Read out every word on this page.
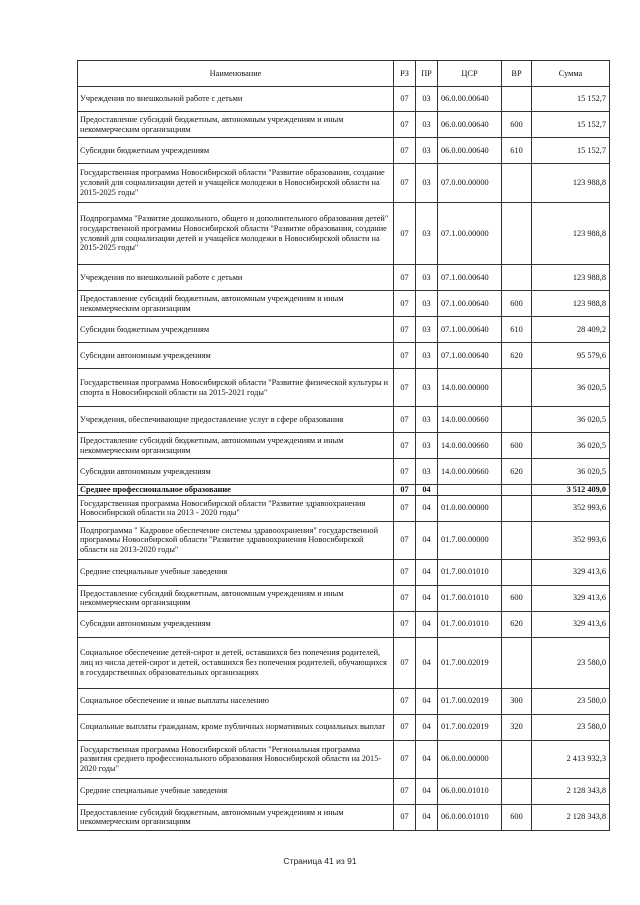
Наименование	РЗ	ПР	ЦСР	ВР	Сумма
Учреждения по внешкольной работе с детьми	07	03	06.0.00.00640		15 152,7
Предоставление субсидий бюджетным, автономным учреждениям и иным некоммерческим организациям	07	03	06.0.00.00640	600	15 152,7
Субсидии бюджетным учреждениям	07	03	06.0.00.00640	610	15 152,7
Государственная программа Новосибирской области "Развитие образования, создание условий для социализации детей и учащейся молодежи в Новосибирской области на 2015-2025 годы"	07	03	07.0.00.00000		123 988,8
Подпрограмма "Развитие дошкольного, общего и дополнительного образования детей" государственной программы Новосибирской области "Развитие образования, создание условий для социализации детей и учащейся молодежи в Новосибирской области на 2015-2025 годы"	07	03	07.1.00.00000		123 988,8
Учреждения по внешкольной работе с детьми	07	03	07.1.00.00640		123 988,8
Предоставление субсидий бюджетным, автономным учреждениям и иным некоммерческим организациям	07	03	07.1.00.00640	600	123 988,8
Субсидии бюджетным учреждениям	07	03	07.1.00.00640	610	28 409,2
Субсидии автономным учреждениям	07	03	07.1.00.00640	620	95 579,6
Государственная программа Новосибирской области "Развитие физической культуры и спорта в Новосибирской области на 2015-2021 годы"	07	03	14.0.00.00000		36 020,5
Учреждения, обеспечивающие предоставление услуг в сфере образования	07	03	14.0.00.00660		36 020,5
Предоставление субсидий бюджетным, автономным учреждениям и иным некоммерческим организациям	07	03	14.0.00.00660	600	36 020,5
Субсидии автономным учреждениям	07	03	14.0.00.00660	620	36 020,5
Среднее профессиональное образование	07	04			3 512 409,0
Государственная программа Новосибирской области "Развитие здравоохранения Новосибирской области на 2013 - 2020 годы"	07	04	01.0.00.00000		352 993,6
Подпрограмма " Кадровое обеспечение системы здравоохранения" государственной программы Новосибирской области "Развитие здравоохранения Новосибирской области на 2013-2020 годы"	07	04	01.7.00.00000		352 993,6
Средние специальные учебные заведения	07	04	01.7.00.01010		329 413,6
Предоставление субсидий бюджетным, автономным учреждениям и иным некоммерческим организациям	07	04	01.7.00.01010	600	329 413,6
Субсидии автономным учреждениям	07	04	01.7.00.01010	620	329 413,6
Социальное обеспечение детей-сирот и детей, оставшихся без попечения родителей, лиц из числа детей-сирот и детей, оставшихся без попечения родителей, обучающихся в государственных образовательных организациях	07	04	01.7.00.02019		23 580,0
Социальное обеспечение и иные выплаты населению	07	04	01.7.00.02019	300	23 580,0
Социальные выплаты гражданам, кроме публичных нормативных социальных выплат	07	04	01.7.00.02019	320	23 580,0
Государственная программа Новосибирской области "Региональная программа развития среднего профессионального образования Новосибирской области на 2015-2020 годы"	07	04	06.0.00.00000		2 413 932,3
Средние специальные учебные заведения	07	04	06.0.00.01010		2 128 343,8
Предоставление субсидий бюджетным, автономным учреждениям и иным некоммерческим организациям	07	04	06.0.00.01010	600	2 128 343,8
Страница 41 из 91
